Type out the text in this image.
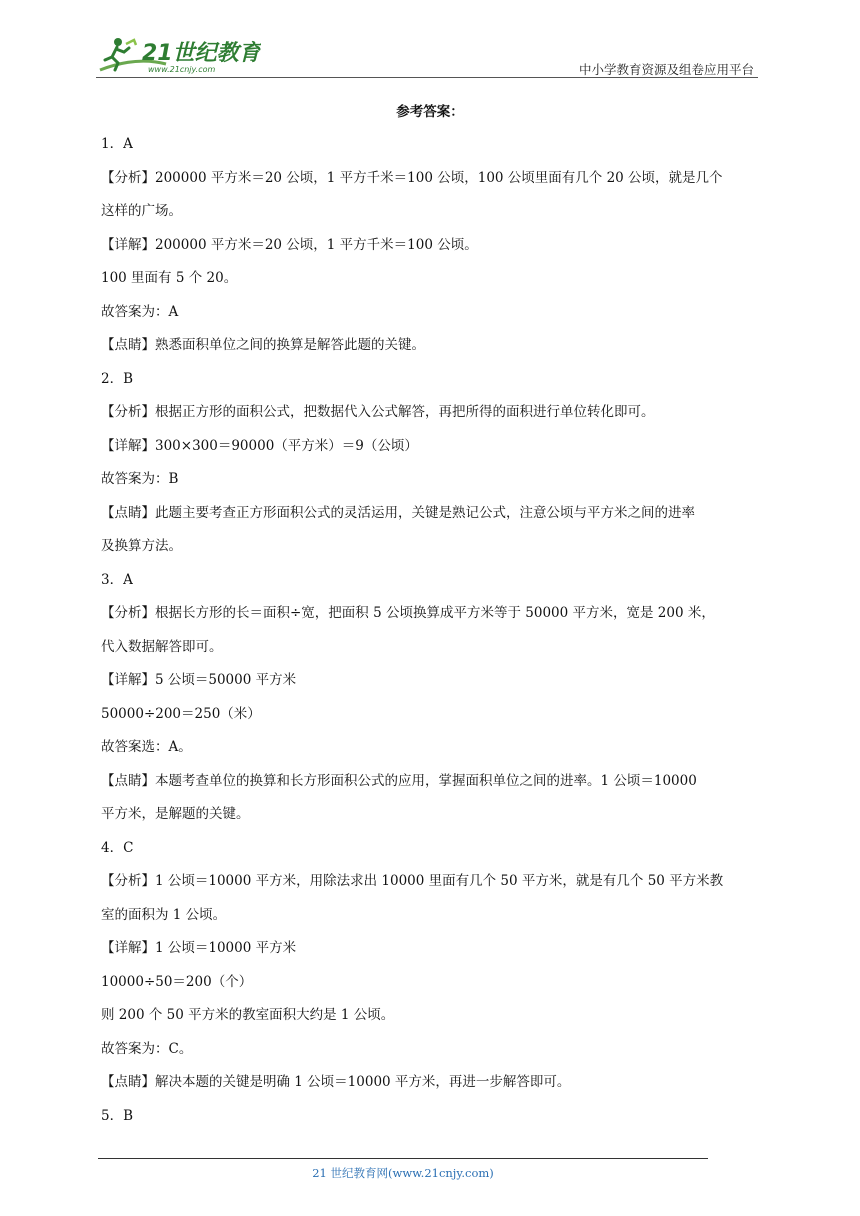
21世纪教育
www.21cnjy.com	中小学教育资源及组卷应用平台
参考答案：

1．A

【分析】200000 平方米＝20 公顷，1 平方千米＝100 公顷，100 公顷里面有几个 20 公顷，就是几个

这样的广场。

【详解】200000 平方米＝20 公顷，1 平方千米＝100 公顷。

100 里面有 5 个 20。

故答案为：A

【点睛】熟悉面积单位之间的换算是解答此题的关键。

2．B

【分析】根据正方形的面积公式，把数据代入公式解答，再把所得的面积进行单位转化即可。

【详解】300×300＝90000（平方米）＝9（公顷）

故答案为：B

【点睛】此题主要考查正方形面积公式的灵活运用，关键是熟记公式，注意公顷与平方米之间的进率

及换算方法。

3．A

【分析】根据长方形的长＝面积÷宽，把面积 5 公顷换算成平方米等于 50000 平方米，宽是 200 米，

代入数据解答即可。

【详解】5 公顷＝50000 平方米

50000÷200＝250（米）

故答案选：A。

【点睛】本题考查单位的换算和长方形面积公式的应用，掌握面积单位之间的进率。1 公顷＝10000

平方米，是解题的关键。

4．C

【分析】1 公顷＝10000 平方米，用除法求出 10000 里面有几个 50 平方米，就是有几个 50 平方米教

室的面积为 1 公顷。

【详解】1 公顷＝10000 平方米

10000÷50＝200（个）

则 200 个 50 平方米的教室面积大约是 1 公顷。

故答案为：C。

【点睛】解决本题的关键是明确 1 公顷＝10000 平方米，再进一步解答即可。

5．B

21 世纪教育网(www.21cnjy.com)
